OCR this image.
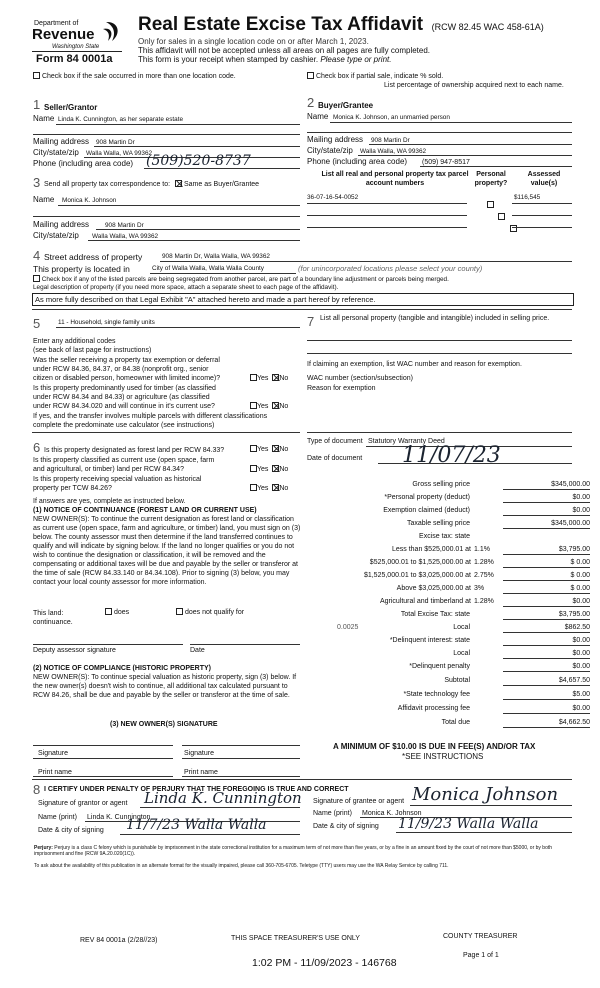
Department of
Revenue
Washington State
Form 84 0001a
Real Estate Excise Tax Affidavit (RCW 82.45 WAC 458-61A)
Only for sales in a single location code on or after March 1, 2023.
This affidavit will not be accepted unless all areas on all pages are fully completed.
This form is your receipt when stamped by cashier. Please type or print.
Check box if the sale occurred in more than one location code.	Check box if partial sale, indicate % sold.
List percentage of ownership acquired next to each name.
1 Seller/Grantor
Name Linda K. Cunnington, as her separate estate
Mailing address 908 Martin Dr
City/state/zip Walla Walla, WA 99362
Phone (including area code) (509)520-8737
2 Buyer/Grantee
Name Monica K. Johnson, an unmarried person
Mailing address 908 Martin Dr
City/state/zip Walla Walla, WA 99362
Phone (including area code) (509) 947-8517
List all real and personal property tax parcel account numbers
Personal property?
Assessed value(s)
36-07-16-54-0052
	$116,545
3 Send all property tax correspondence to: Same as Buyer/Grantee
Name Monica K. Johnson
Mailing address 908 Martin Dr
City/state/zip Walla Walla, WA 99362
4 Street address of property	908 Martin Dr, Walla Walla, WA 99362
This property is located in	City of Walla Walla, Walla Walla County	(for unincorporated locations please select your county)
Check box if any of the listed parcels are being segregated from another parcel, are part of a boundary line adjustment or parcels being merged.
Legal description of property (if you need more space, attach a separate sheet to each page of the affidavit).
As more fully described on that Legal Exhibit "A" attached hereto and made a part hereof by reference.
5	11 - Household, single family units
Enter any additional codes
(see back of last page for instructions)
Was the seller receiving a property tax exemption or deferral
under RCW 84.36, 84.37, or 84.38 (nonprofit org., senior
citizen or disabled person, homeowner with limited income)?	Yes No
Is this property predominantly used for timber (as classified
under RCW 84.34 and 84.33) or agriculture (as classified
under RCW 84.34.020 and will continue in it's current use?	Yes No
If yes, and the transfer involves multiple parcels with different classifications
complete the predominate use calculator (see instructions)
6 Is this property designated as forest land per RCW 84.33?	Yes No
Is this property classified as current use (open space, farm
and agricultural, or timber) land per RCW 84.34?	Yes No
Is this property receiving special valuation as historical
property per TCW 84.26?	Yes No
If answers are yes, complete as instructed below.
(1) NOTICE OF CONTINUANCE (FOREST LAND OR CURRENT USE)
NEW OWNER(S): To continue the current designation as forest land or classification as current use (open space, farm and agriculture, or timber) land, you must sign on (3) below. The county assessor must then determine if the land transferred continues to qualify and will indicate by signing below. If the land no longer qualifies or you do not wish to continue the designation or classification, it will be removed and the compensating or additional taxes will be due and payable by the seller or transferor at the time of sale (RCW 84.33.140 or 84.34.108). Prior to signing (3) below, you may contact your local county assessor for more information.
This land:
continuance.
does	does not qualify for
Deputy assessor signature	Date
(2) NOTICE OF COMPLIANCE (HISTORIC PROPERTY)
NEW OWNER(S): To continue special valuation as historic property, sign (3) below. If the new owner(s) doesn't wish to continue, all additional tax calculated pursuant to RCW 84.26, shall be due and payable by the seller or transferor at the time of sale.
(3) NEW OWNER(S) SIGNATURE
Signature	Signature
Print name	Print name
7 List all personal property (tangible and intangible) included in selling price.
If claiming an exemption, list WAC number and reason for exemption.
WAC number (section/subsection)
Reason for exemption
Type of document Statutory Warranty Deed
Date of document 11/07/23
Gross selling price	$345,000.00
*Personal property (deduct)	$0.00
Exemption claimed (deduct)	$0.00
Taxable selling price	$345,000.00
Excise tax: state
Less than $525,000.01 at 1.1%	$3,795.00
$525,000.01 to $1,525,000.00 at 1.28%	$ 0.00
$1,525,000.01 to $3,025,000.00 at 2.75%	$ 0.00
Above $3,025,000.00 at 3%	$ 0.00
Agricultural and timberland at 1.28%	$0.00
Total Excise Tax: state	$3,795.00
0.0025	Local	$862.50
*Delinquent interest: state	$0.00
Local	$0.00
*Delinquent penalty	$0.00
Subtotal	$4,657.50
*State technology fee	$5.00
Affidavit processing fee	$0.00
Total due	$4,662.50
A MINIMUM OF $10.00 IS DUE IN FEE(S) AND/OR TAX
*SEE INSTRUCTIONS
8 I CERTIFY UNDER PENALTY OF PERJURY THAT THE FOREGOING IS TRUE AND CORRECT
Signature of grantor or agent Linda K. Cunnington
Name (print) Linda K. Cunnington
Date & city of signing 11/7/23 Walla Walla
Signature of grantee or agent Monica Johnson
Name (print) Monica K. Johnson
Date & city of signing 11/9/23 Walla Walla
Perjury: Perjury is a class C felony which is punishable by imprisonment in the state correctional institution for a maximum term of not more than five years, or by a fine in an amount fixed by the court of not more than $5000, or by both imprisonment and fine (RCW 9A.20.020(1C)).
To ask about the availability of this publication in an alternate format for the visually impaired, please call 360-705-6705. Teletype (TTY) users may use the WA Relay Service by calling 711.
REV 84 0001a (2/28//23)	THIS SPACE TREASURER'S USE ONLY	COUNTY TREASURER
Page 1 of 1
1:02 PM - 11/09/2023 - 146768
